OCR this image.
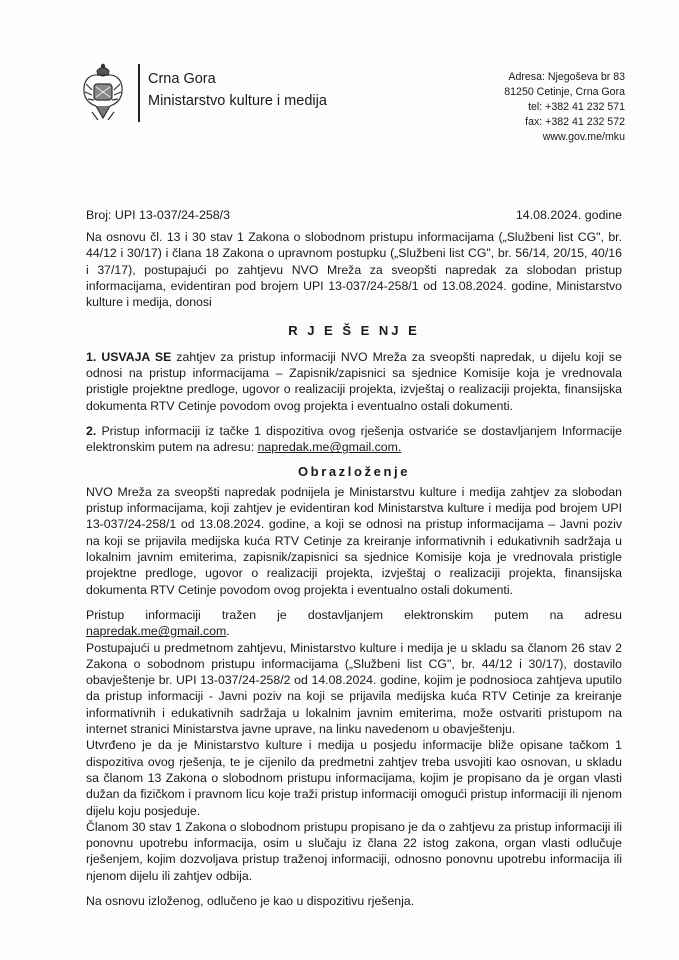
Crna Gora
Ministarstvo kulture i medija
Adresa: Njegoševa br 83
81250 Cetinje, Crna Gora
tel: +382 41 232 571
fax: +382 41 232 572
www.gov.me/mku
Broj: UPI 13-037/24-258/3	14.08.2024. godine

Na osnovu čl. 13 i 30 stav 1 Zakona o slobodnom pristupu informacijama („Službeni list CG", br. 44/12 i 30/17) i člana 18 Zakona o upravnom postupku („Službeni list CG", br. 56/14, 20/15, 40/16 i 37/17), postupajući po zahtjevu NVO Mreža za sveopšti napredak za slobodan pristup informacijama, evidentiran pod brojem UPI 13-037/24-258/1 od 13.08.2024. godine, Ministarstvo kulture i medija, donosi

R J E Š E NJ E

1. USVAJA SE zahtjev za pristup informaciji NVO Mreža za sveopšti napredak, u dijelu koji se odnosi na pristup informacijama – Zapisnik/zapisnici sa sjednice Komisije koja je vrednovala pristigle projektne predloge, ugovor o realizaciji projekta, izvještaj o realizaciji projekta, finansijska dokumenta RTV Cetinje povodom ovog projekta i eventualno ostali dokumenti.

2. Pristup informaciji iz tačke 1 dispozitiva ovog rješenja ostvariće se dostavljanjem Informacije elektronskim putem na adresu: napredak.me@gmail.com.

Obrazloženje

NVO Mreža za sveopšti napredak podnijela je Ministarstvu kulture i medija zahtjev za slobodan pristup informacijama, koji zahtjev je evidentiran kod Ministarstva kulture i medija pod brojem UPI 13-037/24-258/1 od 13.08.2024. godine, a koji se odnosi na pristup informacijama – Javni poziv na koji se prijavila medijska kuća RTV Cetinje za kreiranje informativnih i edukativnih sadržaja u lokalnim javnim emiterima, zapisnik/zapisnici sa sjednice Komisije koja je vrednovala pristigle projektne predloge, ugovor o realizaciji projekta, izvještaj o realizaciji projekta, finansijska dokumenta RTV Cetinje povodom ovog projekta i eventualno ostali dokumenti.

Pristup informaciji tražen je dostavljanjem elektronskim putem na adresu napredak.me@gmail.com.

Postupajući u predmetnom zahtjevu, Ministarstvo kulture i medija je u skladu sa članom 26 stav 2 Zakona o sobodnom pristupu informacijama („Službeni list CG", br. 44/12 i 30/17), dostavilo obavještenje br. UPI 13-037/24-258/2 od 14.08.2024. godine, kojim je podnosioca zahtjeva uputilo da pristup informaciji - Javni poziv na koji se prijavila medijska kuća RTV Cetinje za kreiranje informativnih i edukativnih sadržaja u lokalnim javnim emiterima, može ostvariti pristupom na internet stranici Ministarstva javne uprave, na linku navedenom u obavještenju.

Utvrđeno je da je Ministarstvo kulture i medija u posjedu informacije bliže opisane tačkom 1 dispozitiva ovog rješenja, te je cijenilo da predmetni zahtjev treba usvojiti kao osnovan, u skladu sa članom 13 Zakona o slobodnom pristupu informacijama, kojim je propisano da je organ vlasti dužan da fizičkom i pravnom licu koje traži pristup informaciji omogući pristup informaciji ili njenom dijelu koju posjeduje.

Članom 30 stav 1 Zakona o slobodnom pristupu propisano je da o zahtjevu za pristup informaciji ili ponovnu upotrebu informacija, osim u slučaju iz člana 22 istog zakona, organ vlasti odlučuje rješenjem, kojim dozvoljava pristup traženoj informaciji, odnosno ponovnu upotrebu informacija ili njenom dijelu ili zahtjev odbija.

Na osnovu izloženog, odlučeno je kao u dispozitivu rješenja.
